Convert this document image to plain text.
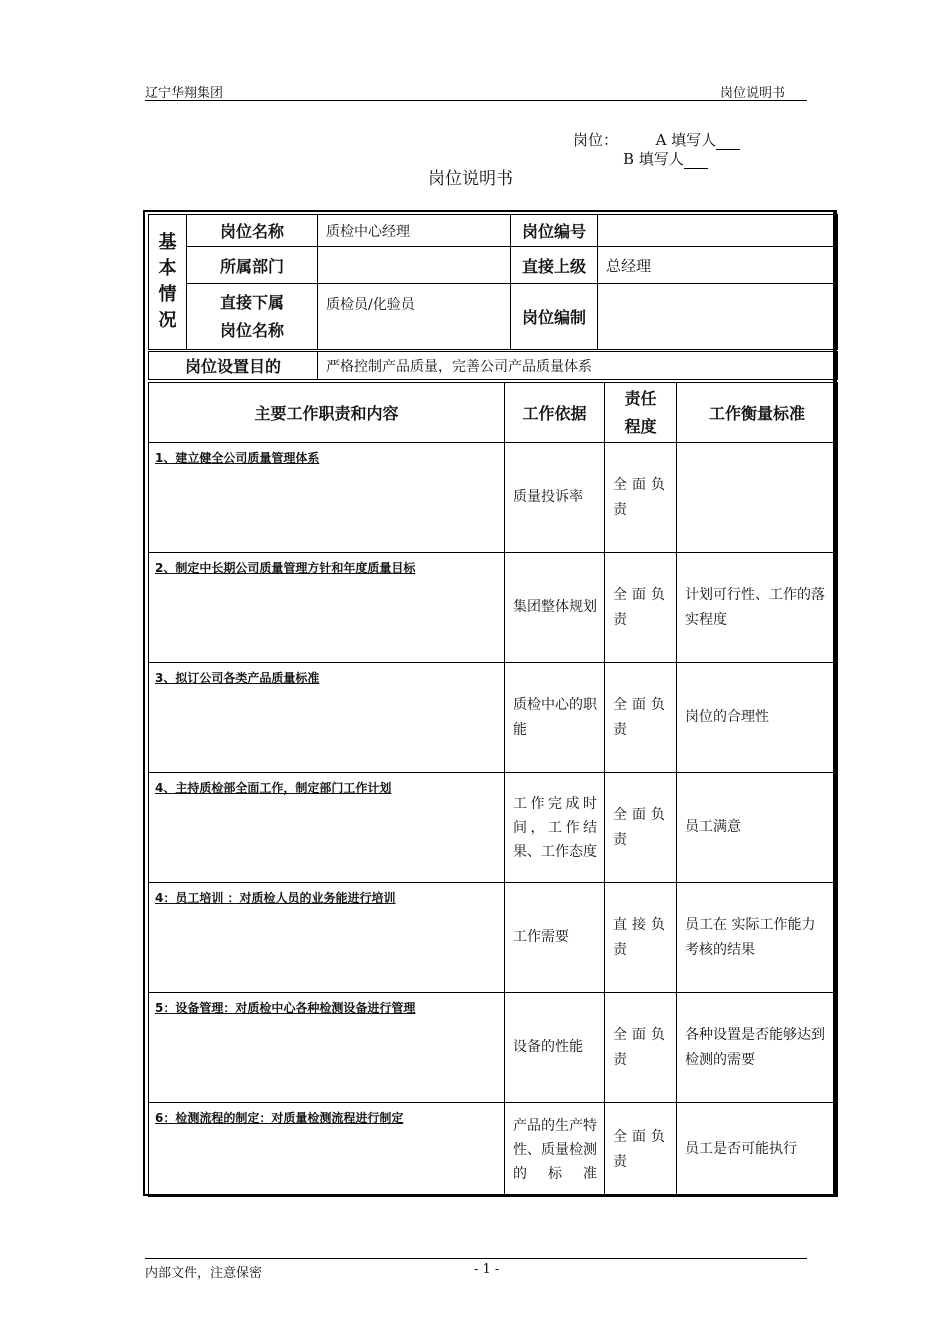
辽宁华翔集团	岗位说明书
岗位：	A 填写人
B 填写人
岗位说明书
基本情况	岗位名称	质检中心经理	岗位编号	
	所属部门		直接上级	总经理

	直接下属
岗位名称	质检员/化验员	岗位编制	
岗位设置目的	严格控制产品质量，完善公司产品质量体系
主要工作职责和内容	工作依据	责任
程度	工作衡量标准

1、建立健全公司质量管理体系	质量投诉率	全面负责	

2、制定中长期公司质量管理方针和年度质量目标	集团整体规划	全面负责	计划可行性、工作的落实程度

3、拟订公司各类产品质量标准	质检中心的职能	全面负责	岗位的合理性

4、主持质检部全面工作，制定部门工作计划	工作完成时间，工作结果、工作态度	全面负责	员工满意

4：员工培训 ：对质检人员的业务能进行培训	工作需要	直接负责	员工在 实际工作能力考核的结果

5：设备管理：对质检中心各种检测设备进行管理	设备的性能	全面负责	各种设置是否能够达到检测的需要

6：检测流程的制定：对质量检测流程进行制定	产品的生产特性、质量检测的标准	全面负责	员工是否可能执行
内部文件，注意保密	- 1 -
